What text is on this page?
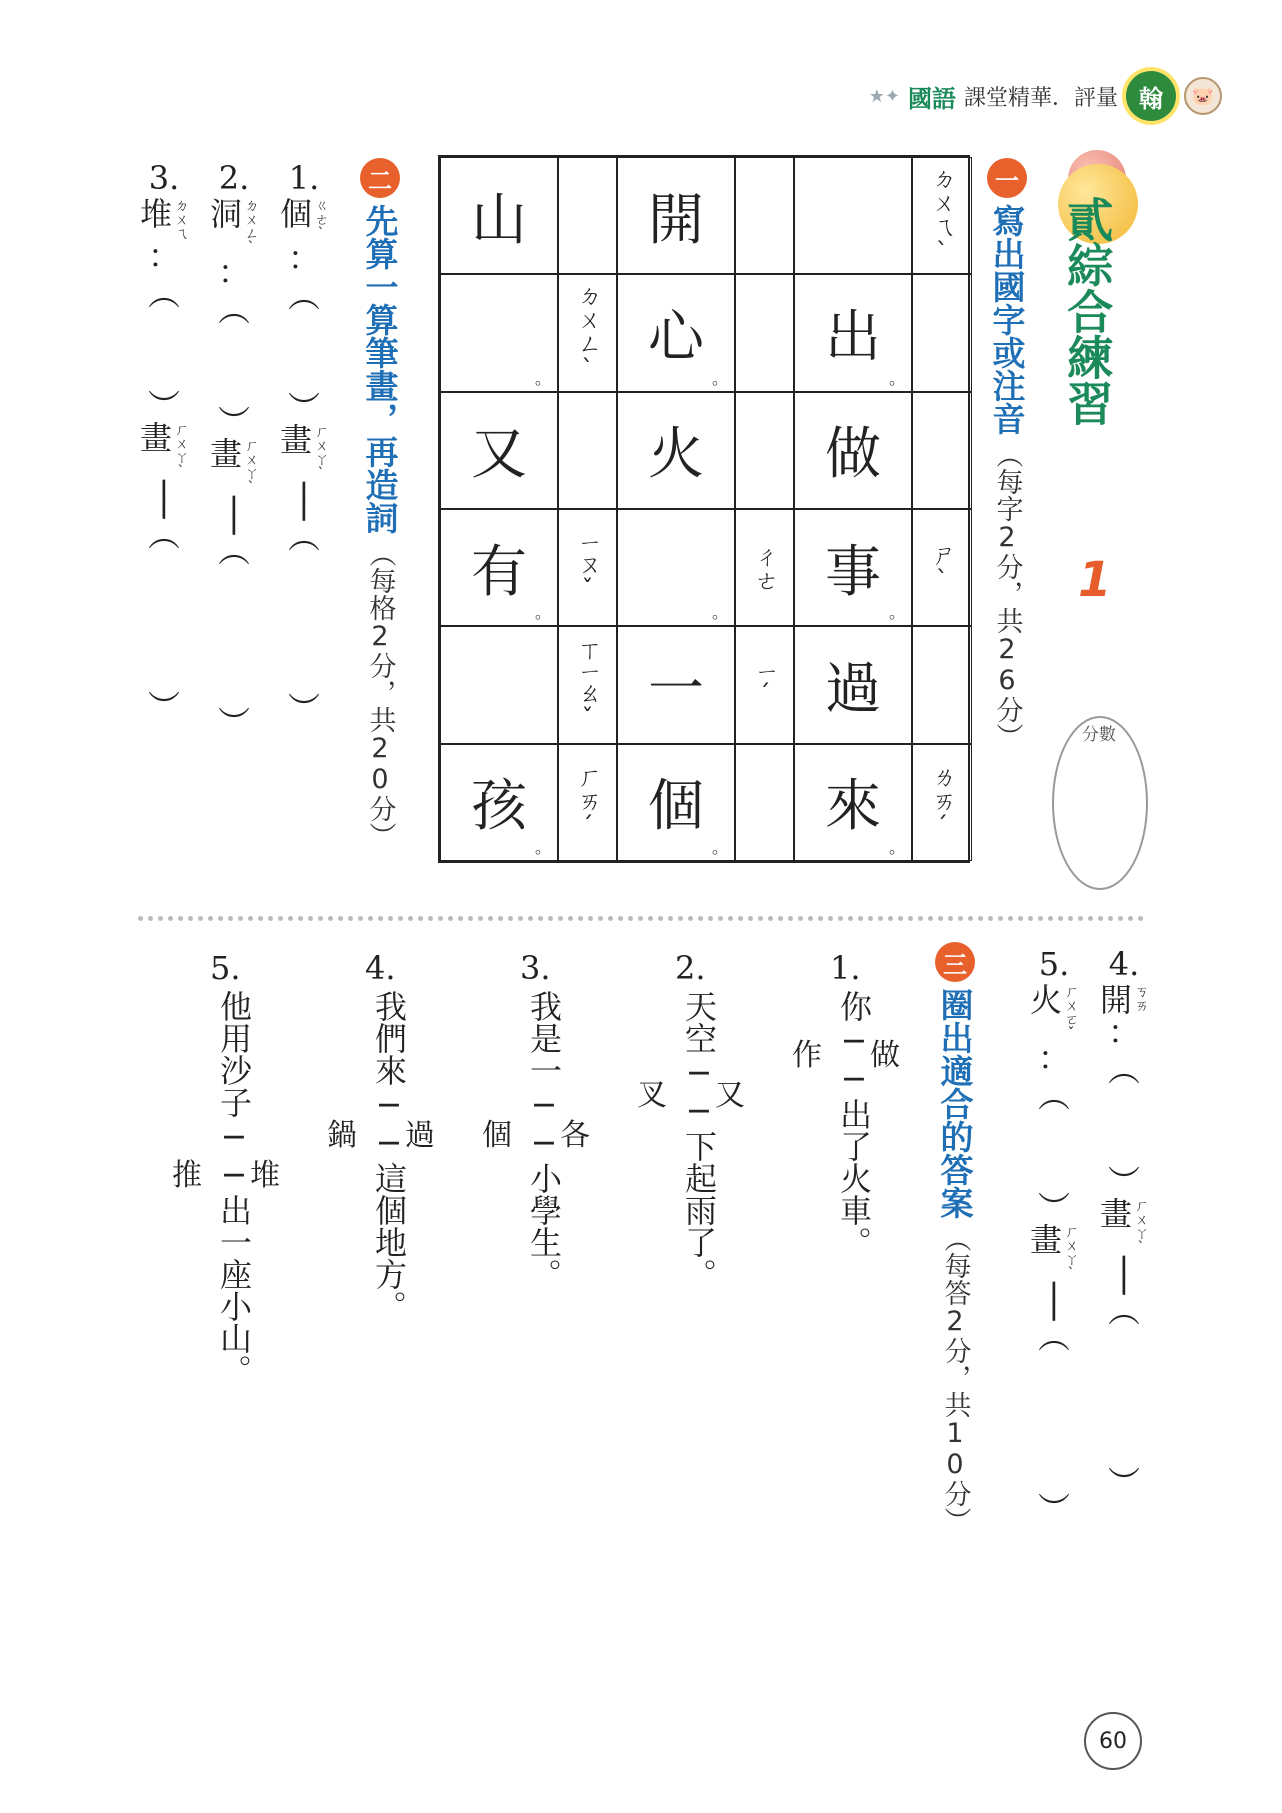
★✦ 國語 課堂精華．評量 翰	🐷
貳綜合練習
1
分數
一
寫出國字或注音
（每字2分，共26分）
山 開	ㄉㄨㄟˋ
。 ㄉㄨㄥˋ 心
。
出
。
又 火 做
有
。
ㄧㄡˇ
。
ㄔㄜ 事
。
ㄕˋ
ㄒㄧㄠˇ 一 ㄧˊ 過
孩
。
ㄏㄞˊ 個
。
來
。
ㄌㄞˊ
二
先算一算筆畫，再造詞
（每格2分，共20分）
1.
個 ㄍㄜˋ
：
︵
︶
畫 ㄏㄨㄚˋ
──
︵
︶
2.
洞 ㄉㄨㄥˋ
：
︵
︶
畫 ㄏㄨㄚˋ
──
︵
︶
3.
堆 ㄉㄨㄟ
：
︵
︶
畫 ㄏㄨㄚˋ
──
︵
︶
4.
開 ㄎㄞ
：
︵
︶
畫 ㄏㄨㄚˋ
──
︵
︶
5.
火 ㄏㄨㄛˇ
：
︵
︶
畫 ㄏㄨㄚˋ
──
︵
︶
三
圈出適合的答案
（每答2分，共10分）
1.
你──出了火車。
做
作
2.
天空──下起雨了。
又
叉
3.
我是一──小學生。
各
個
4.
我們來──這個地方。
過
鍋
5.
他用沙子──出一座小山。
堆
推
60
